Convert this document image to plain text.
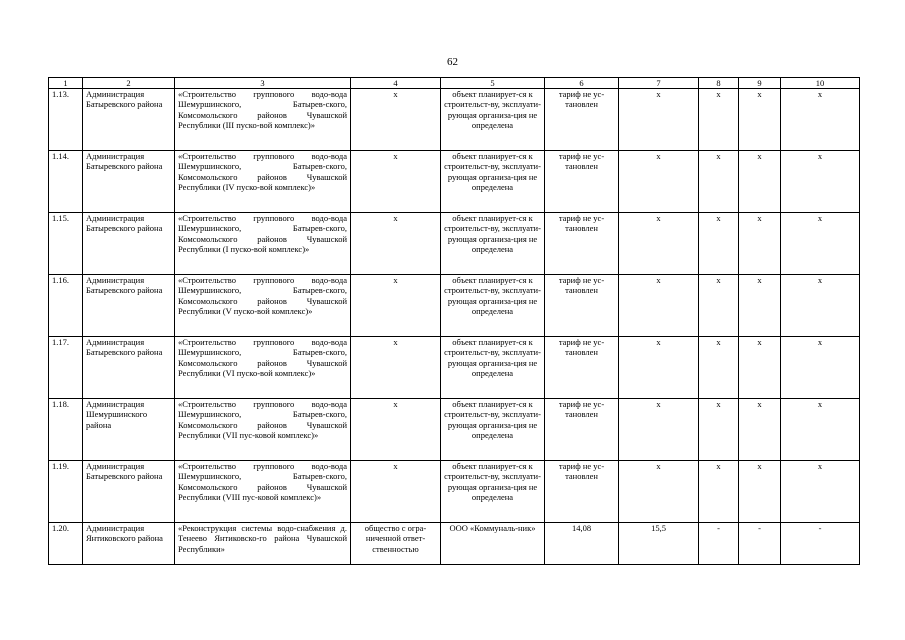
62
1	2	3	4	5	6	7	8	9	10
1.13.	Администрация Батыревского района	«Строительство группового водо-вода Шемуршинского, Батырев-ского, Комсомольского районов Чувашской Республики (III пуско-вой комплекс)»	x	объект планирует-ся к строительст-ву, эксплуати-рующая организа-ция не определена	тариф не ус-тановлен	x	x	x	x
1.14.	Администрация Батыревского района	«Строительство группового водо-вода Шемуршинского, Батырев-ского, Комсомольского районов Чувашской Республики (IV пуско-вой комплекс)»	x	объект планирует-ся к строительст-ву, эксплуати-рующая организа-ция не определена	тариф не ус-тановлен	x	x	x	x
1.15.	Администрация Батыревского района	«Строительство группового водо-вода Шемуршинского, Батырев-ского, Комсомольского районов Чувашской Республики (I пуско-вой комплекс)»	x	объект планирует-ся к строительст-ву, эксплуати-рующая организа-ция не определена	тариф не ус-тановлен	x	x	x	x
1.16.	Администрация Батыревского района	«Строительство группового водо-вода Шемуршинского, Батырев-ского, Комсомольского районов Чувашской Республики (V пуско-вой комплекс)»	x	объект планирует-ся к строительст-ву, эксплуати-рующая организа-ция не определена	тариф не ус-тановлен	x	x	x	x
1.17.	Администрация Батыревского района	«Строительство группового водо-вода Шемуршинского, Батырев-ского, Комсомольского районов Чувашской Республики (VI пуско-вой комплекс)»	x	объект планирует-ся к строительст-ву, эксплуати-рующая организа-ция не определена	тариф не ус-тановлен	x	x	x	x
1.18.	Администрация Шемуршинского района	«Строительство группового водо-вода Шемуршинского, Батырев-ского, Комсомольского районов Чувашской Республики (VII пус-ковой комплекс)»	x	объект планирует-ся к строительст-ву, эксплуати-рующая организа-ция не определена	тариф не ус-тановлен	x	x	x	x
1.19.	Администрация Батыревского района	«Строительство группового водо-вода Шемуршинского, Батырев-ского, Комсомольского районов Чувашской Республики (VIII пус-ковой комплекс)»	x	объект планирует-ся к строительст-ву, эксплуати-рующая организа-ция не определена	тариф не ус-тановлен	x	x	x	x
1.20.	Администрация Янтиковского района	«Реконструкция системы водо-снабжения д. Тенеево Янтиковско-го района Чувашской Республики»	общество с огра-ниченной ответ-ственностью	ООО «Коммуналь-ник»	14,08	15,5	-	-	-
